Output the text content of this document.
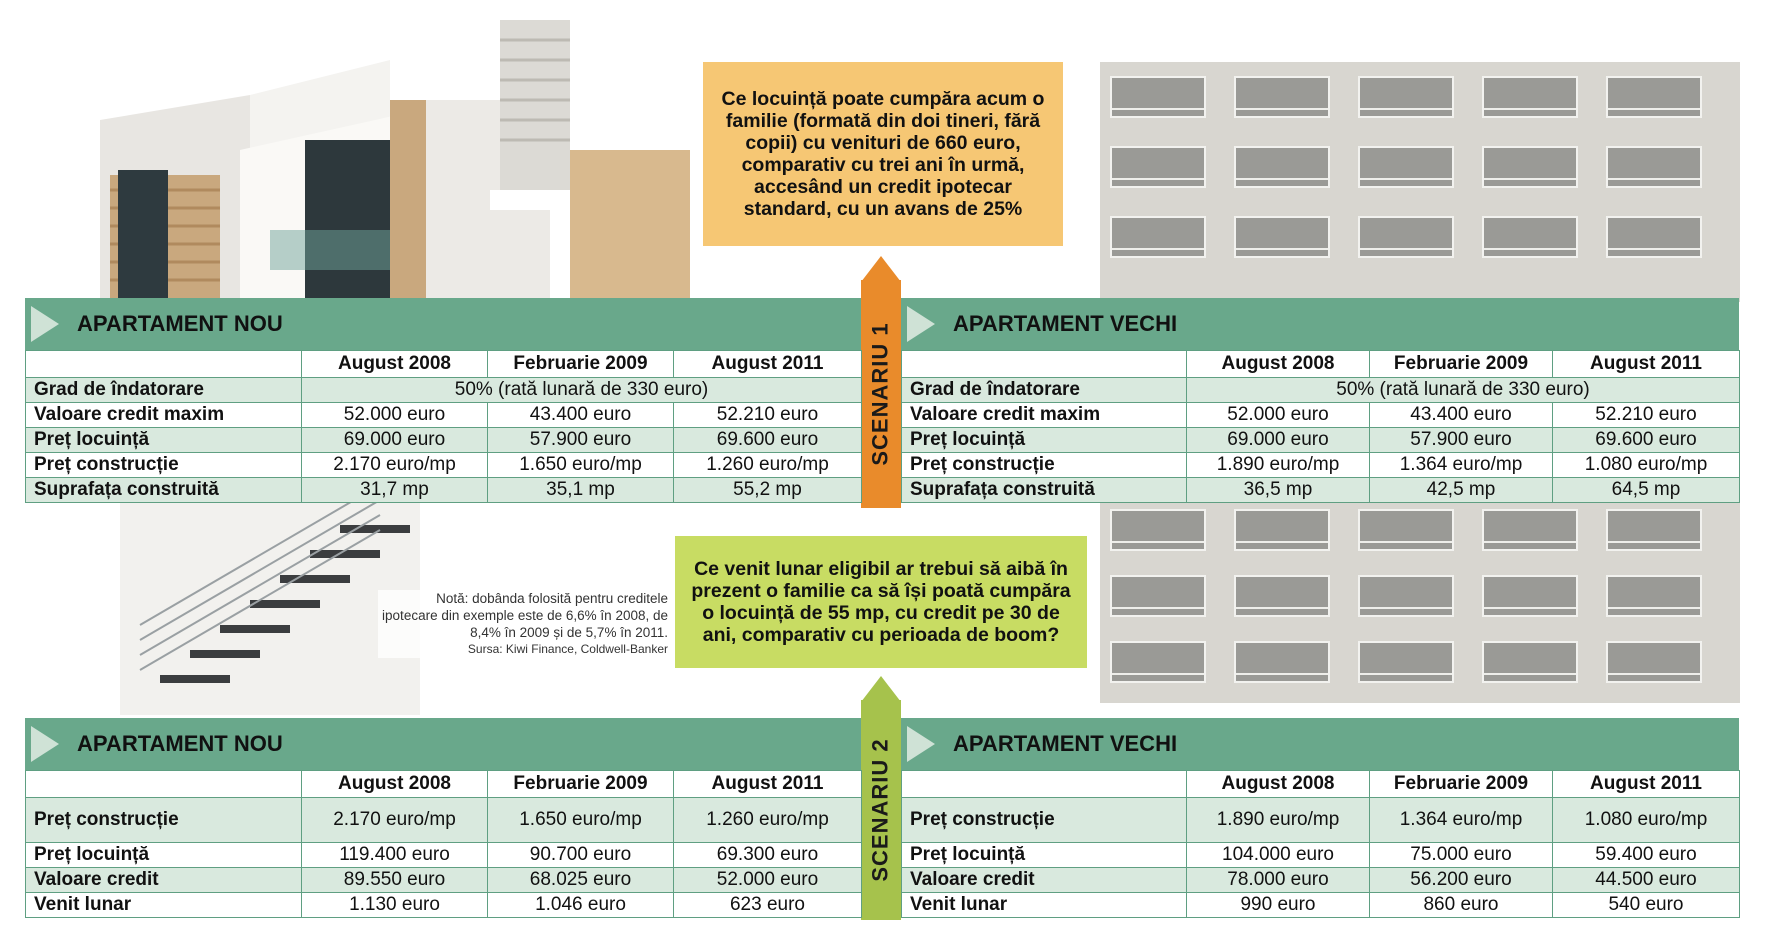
Ce locuință poate cumpăra acum o familie (formată din doi tineri, fără copii) cu venituri de 660 euro, comparativ cu trei ani în urmă, accesând un credit ipotecar standard, cu un avans de 25%
Ce venit lunar eligibil ar trebui să aibă în prezent o familie ca să își poată cumpăra o locuință de 55 mp, cu credit pe 30 de ani, comparativ cu perioada de boom?
SCENARIU 1
SCENARIU 2
APARTAMENT NOU
	August 2008	Februarie 2009	August 2011
Grad de îndatorare	50% (rată lunară de 330 euro)		
Valoare credit maxim	52.000 euro	43.400 euro	52.210 euro
Preț locuință	69.000 euro	57.900 euro	69.600 euro
Preț construcție	2.170 euro/mp	1.650 euro/mp	1.260 euro/mp
Suprafața construită	31,7 mp	35,1 mp	55,2 mp
APARTAMENT VECHI
	August 2008	Februarie 2009	August 2011
Grad de îndatorare	50% (rată lunară de 330 euro)		
Valoare credit maxim	52.000 euro	43.400 euro	52.210 euro
Preț locuință	69.000 euro	57.900 euro	69.600 euro
Preț construcție	1.890 euro/mp	1.364 euro/mp	1.080 euro/mp
Suprafața construită	36,5 mp	42,5 mp	64,5 mp
Notă: dobânda folosită pentru creditele ipotecare din exemple este de 6,6% în 2008, de 8,4% în 2009 și de 5,7% în 2011.
Sursa: Kiwi Finance, Coldwell-Banker
APARTAMENT NOU
	August 2008	Februarie 2009	August 2011
Preț construcție	2.170 euro/mp	1.650 euro/mp	1.260 euro/mp
Preț locuință	119.400 euro	90.700 euro	69.300 euro
Valoare credit	89.550 euro	68.025 euro	52.000 euro
Venit lunar	1.130 euro	1.046 euro	623 euro
APARTAMENT VECHI
	August 2008	Februarie 2009	August 2011
Preț construcție	1.890 euro/mp	1.364 euro/mp	1.080 euro/mp
Preț locuință	104.000 euro	75.000 euro	59.400 euro
Valoare credit	78.000 euro	56.200 euro	44.500 euro
Venit lunar	990 euro	860 euro	540 euro
